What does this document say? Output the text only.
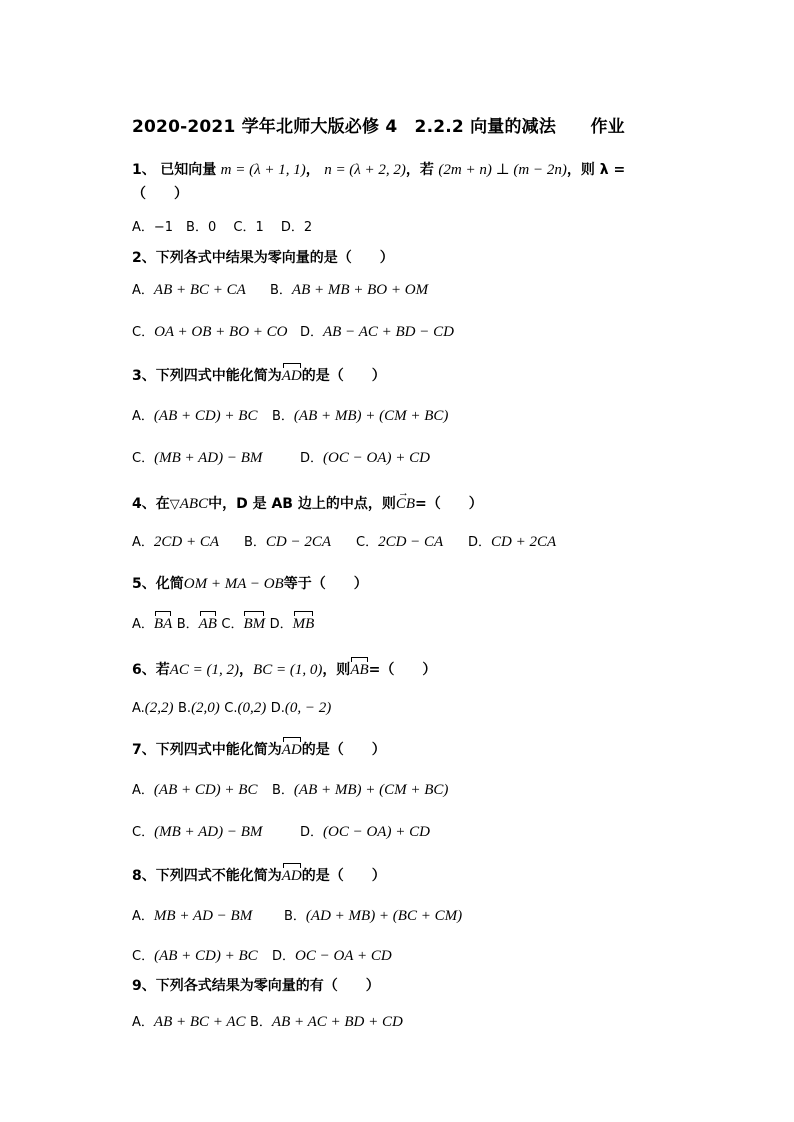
2020-2021 学年北师大版必修 4　2.2.2 向量的减法　　作业
1、 已知向量 m = (λ + 1, 1)， n = (λ + 2, 2)，若 (2m + n) ⊥ (m − 2n)，则 λ =
（　　）
A．−1　B．0　 C．1　 D．2
2、下列各式中结果为零向量的是（　　）
A．AB + BC + CA B．AB + MB + BO + OM
C．OA + OB + BO + CO D．AB − AC + BD − CD
3、下列四式中能化简为AD的是（　　）
A．(AB + CD) + BC B．(AB + MB) + (CM + BC)
C．(MB + AD) − BM	D．(OC − OA) + CD
4、在▽ABC中，D 是 AB 边上的中点，则→ CB=（　　）
A．2CD + CA B．CD − 2CA C．2CD − CA D．CD + 2CA
5、化简OM + MA − OB等于（　　）
A．BA B．AB C．BM D．MB
6、若AC = (1, 2)，BC = (1, 0)，则AB=（　　）
A.(2,2) B.(2,0) C.(0,2) D.(0, − 2)
7、下列四式中能化简为AD的是（　　）
A．(AB + CD) + BC B．(AB + MB) + (CM + BC)
C．(MB + AD) − BM	D．(OC − OA) + CD
8、下列四式不能化简为AD的是（　　）
A．MB + AD − BM B．(AD + MB) + (BC + CM)
C．(AB + CD) + BC D．OC − OA + CD
9、下列各式结果为零向量的有（　　）
A．AB + BC + AC B．AB + AC + BD + CD
